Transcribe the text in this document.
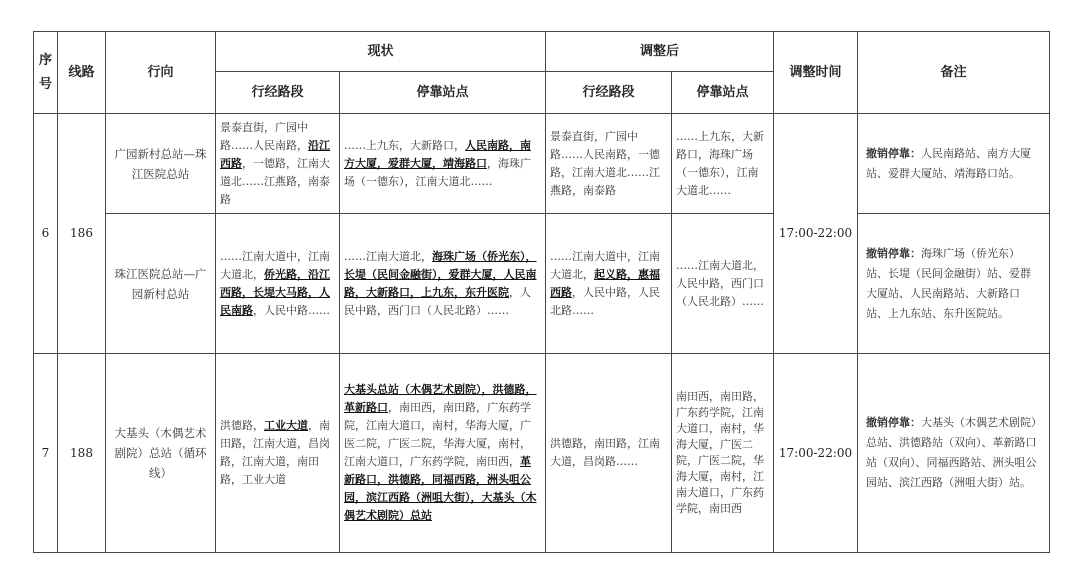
序号	线路	行向	现状		调整后		调整时间	备注
			行经路段	停靠站点	行经路段	停靠站点		
6	186	广园新村总站—珠江医院总站	景泰直街，广园中路……人民南路，沿江西路，一德路，江南大道北……江燕路，南泰路	……上九东，大新路口，人民南路，南方大厦，爱群大厦，靖海路口，海珠广场（一德东），江南大道北……	景泰直街，广园中路……人民南路，一德路，江南大道北……江燕路，南泰路	……上九东，大新路口，海珠广场（一德东），江南大道北……	17:00-22:00	撤销停靠：人民南路站、南方大厦站、爱群大厦站、靖海路口站。
		珠江医院总站—广园新村总站	……江南大道中，江南大道北，侨光路，沿江西路，长堤大马路，人民南路，人民中路……	……江南大道北，海珠广场（侨光东），长堤（民间金融街），爱群大厦，人民南路，大新路口，上九东，东升医院，人民中路，西门口（人民北路）……	……江南大道中，江南大道北，起义路，惠福西路，人民中路，人民北路……	……江南大道北，人民中路，西门口（人民北路）……		撤销停靠：海珠广场（侨光东）站、长堤（民间金融街）站、爱群大厦站、人民南路站、大新路口站、上九东站、东升医院站。
7	188	大基头（木偶艺术剧院）总站（循环线）	洪德路，工业大道，南田路，江南大道，昌岗路，江南大道，南田路，工业大道	大基头总站（木偶艺术剧院），洪德路，革新路口，南田西，南田路，广东药学院，江南大道口，南村，华海大厦，广医二院，广医二院，华海大厦，南村，江南大道口，广东药学院，南田西，革新路口，洪德路，同福西路，洲头咀公园，滨江西路（洲咀大街），大基头（木偶艺术剧院）总站	洪德路，南田路，江南大道，昌岗路……	南田西，南田路，广东药学院，江南大道口，南村，华海大厦，广医二院，广医二院，华海大厦，南村，江南大道口，广东药学院，南田西	17:00-22:00	撤销停靠：大基头（木偶艺术剧院）总站、洪德路站（双向）、革新路口站（双向）、同福西路站、洲头咀公园站、滨江西路（洲咀大街）站。
